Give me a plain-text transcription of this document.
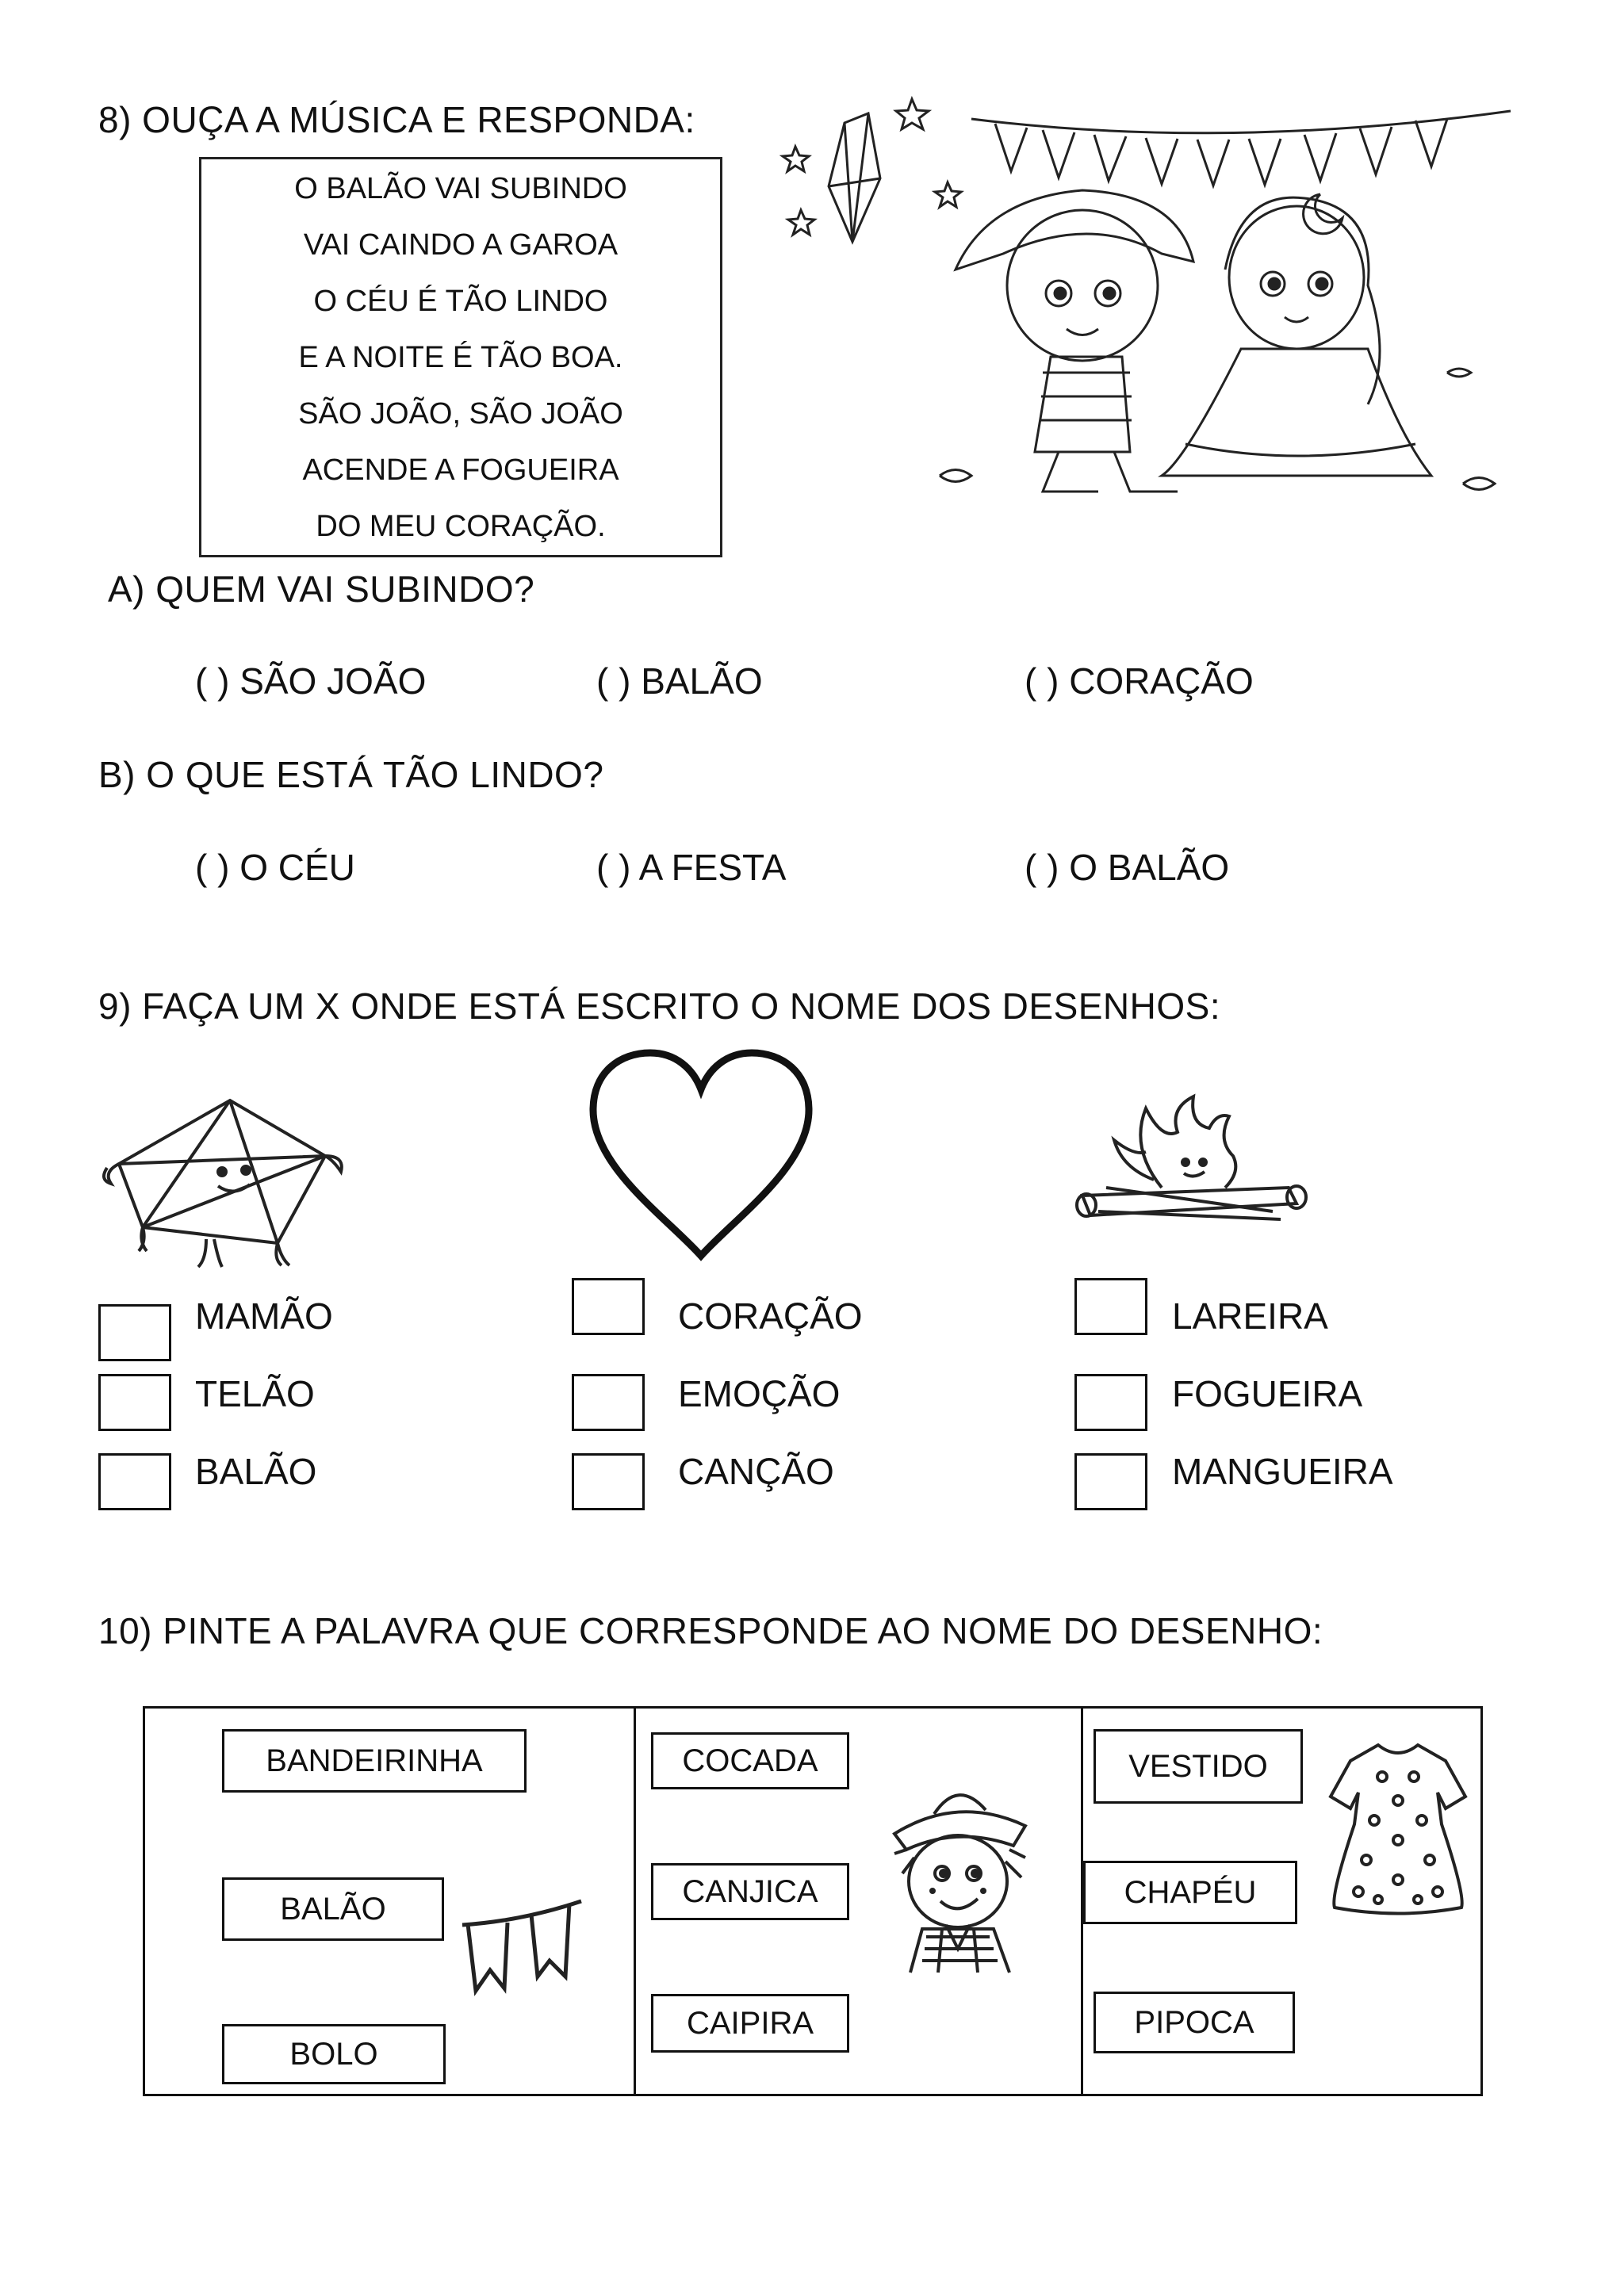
8) OUÇA A MÚSICA E RESPONDA:
O BALÃO VAI SUBINDO
VAI CAINDO A GAROA
O CÉU É TÃO LINDO
E A NOITE É TÃO BOA.
SÃO JOÃO, SÃO JOÃO
ACENDE A FOGUEIRA
DO MEU CORAÇÃO.
A) QUEM VAI SUBINDO?
( ) SÃO JOÃO	( ) BALÃO	( ) CORAÇÃO
B) O QUE ESTÁ TÃO LINDO?
( ) O CÉU	( ) A FESTA	( ) O BALÃO
9) FAÇA UM X ONDE ESTÁ ESCRITO O NOME DOS DESENHOS:
MAMÃO
TELÃO
BALÃO
CORAÇÃO
EMOÇÃO
CANÇÃO
LAREIRA
FOGUEIRA
MANGUEIRA
10) PINTE A PALAVRA QUE CORRESPONDE AO NOME DO DESENHO:
BANDEIRINHA
BALÃO
BOLO
COCADA
CANJICA
CAIPIRA
VESTIDO
CHAPÉU
PIPOCA
